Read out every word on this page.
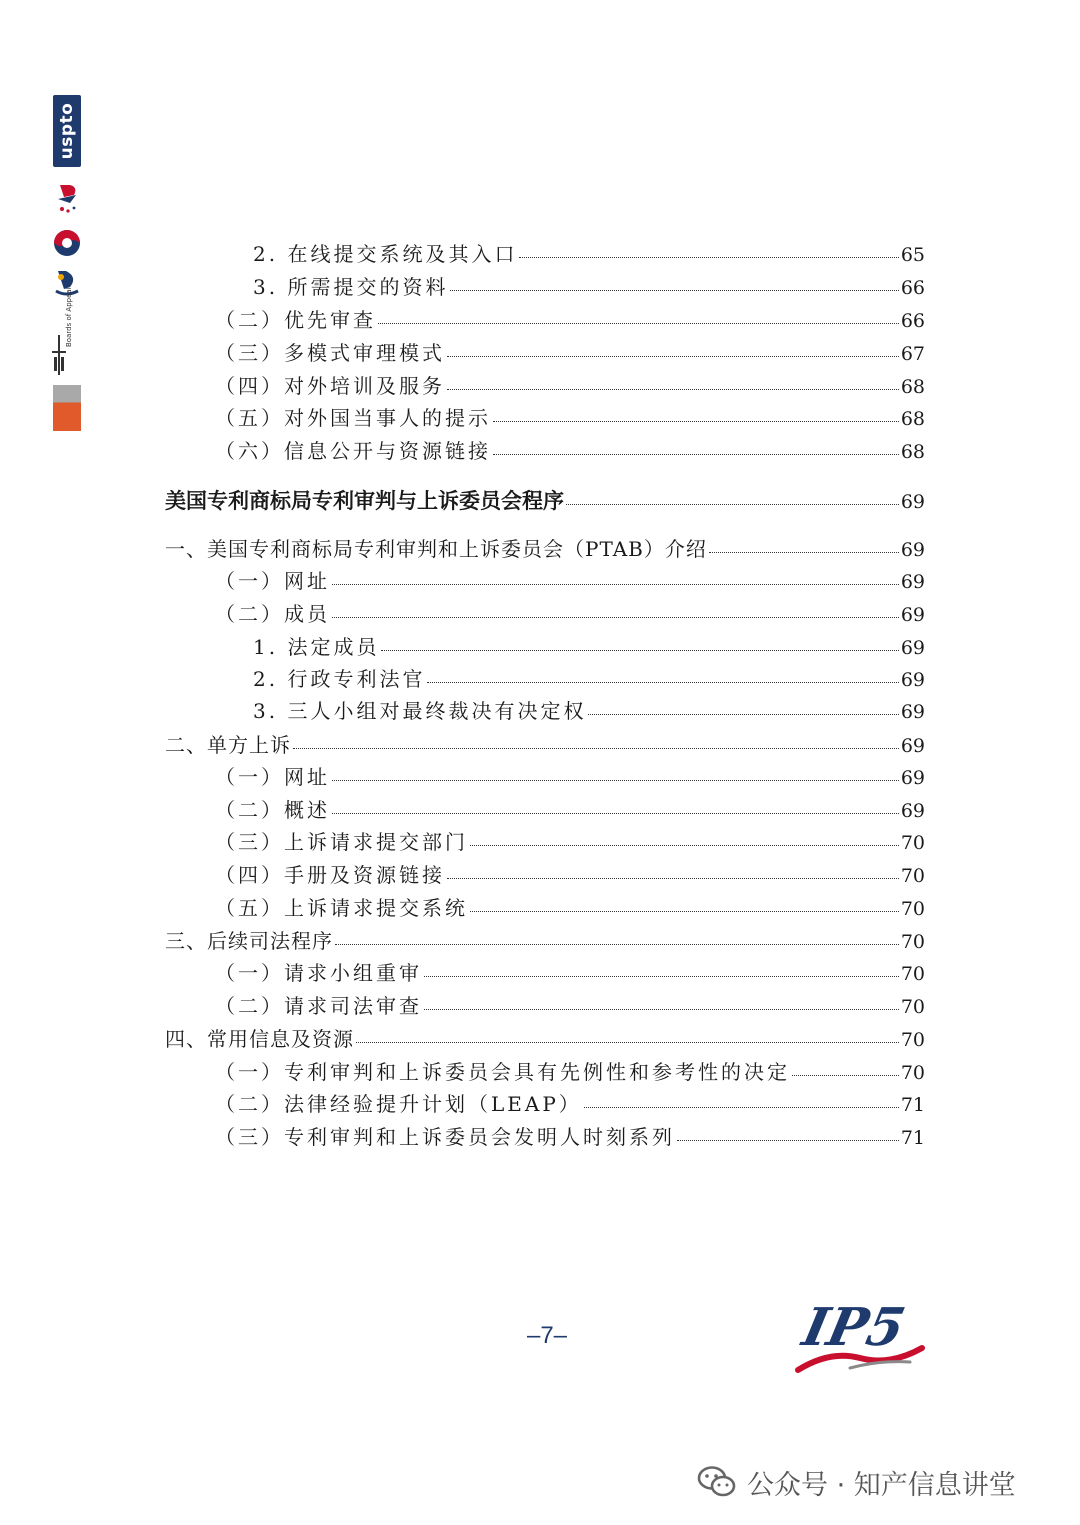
uspto
Boards of Appeal
2. 在线提交系统及其入口	65
3. 所需提交的资料	66
（二）优先审查	66
（三）多模式审理模式	67
（四）对外培训及服务	68
（五）对外国当事人的提示	68
（六）信息公开与资源链接	68
美国专利商标局专利审判与上诉委员会程序	69
一、美国专利商标局专利审判和上诉委员会（PTAB）介绍	69
（一）网址	69
（二）成员	69
1. 法定成员	69
2. 行政专利法官	69
3. 三人小组对最终裁决有决定权	69
二、单方上诉	69
（一）网址	69
（二）概述	69
（三）上诉请求提交部门	70
（四）手册及资源链接	70
（五）上诉请求提交系统	70
三、后续司法程序	70
（一）请求小组重审	70
（二）请求司法审查	70
四、常用信息及资源	70
（一）专利审判和上诉委员会具有先例性和参考性的决定	70
（二）法律经验提升计划（LEAP）	71
（三）专利审判和上诉委员会发明人时刻系列	71
–7–	IP5
公众号 · 知产信息讲堂
